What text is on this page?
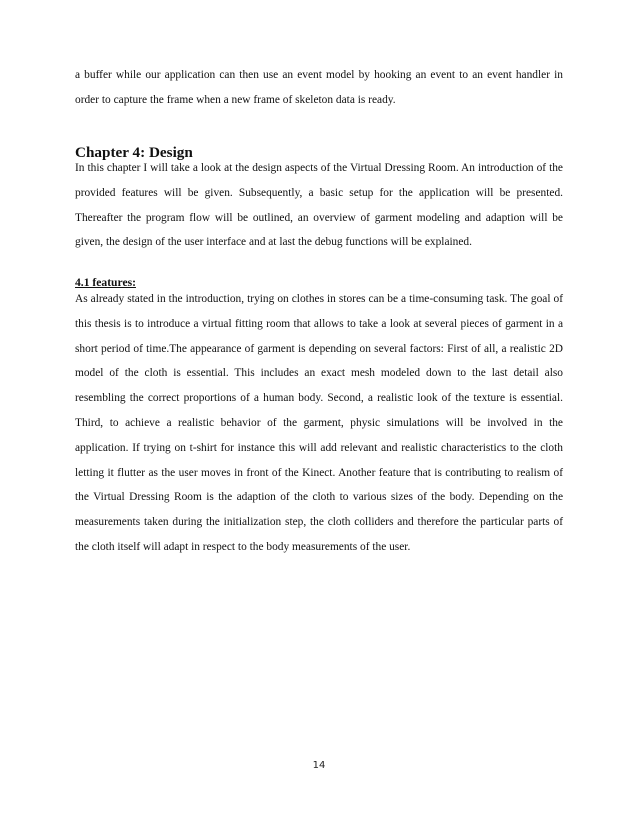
a buffer while our application can then use an event model by hooking an event to an event handler in order to capture the frame when a new frame of skeleton data is ready.

Chapter 4: Design

In this chapter I will take a look at the design aspects of the Virtual Dressing Room. An introduction of the provided features will be given. Subsequently, a basic setup for the application will be presented. Thereafter the program flow will be outlined, an overview of garment modeling and adaption will be given, the design of the user interface and at last the debug functions will be explained.

4.1 features:

As already stated in the introduction, trying on clothes in stores can be a time-consuming task. The goal of this thesis is to introduce a virtual fitting room that allows to take a look at several pieces of garment in a short period of time.The appearance of garment is depending on several factors: First of all, a realistic 2D model of the cloth is essential. This includes an exact mesh modeled down to the last detail also resembling the correct proportions of a human body. Second, a realistic look of the texture is essential. Third, to achieve a realistic behavior of the garment, physic simulations will be involved in the application. If trying on t-shirt for instance this will add relevant and realistic characteristics to the cloth letting it flutter as the user moves in front of the Kinect. Another feature that is contributing to realism of the Virtual Dressing Room is the adaption of the cloth to various sizes of the body. Depending on the measurements taken during the initialization step, the cloth colliders and therefore the particular parts of the cloth itself will adapt in respect to the body measurements of the user.

14
